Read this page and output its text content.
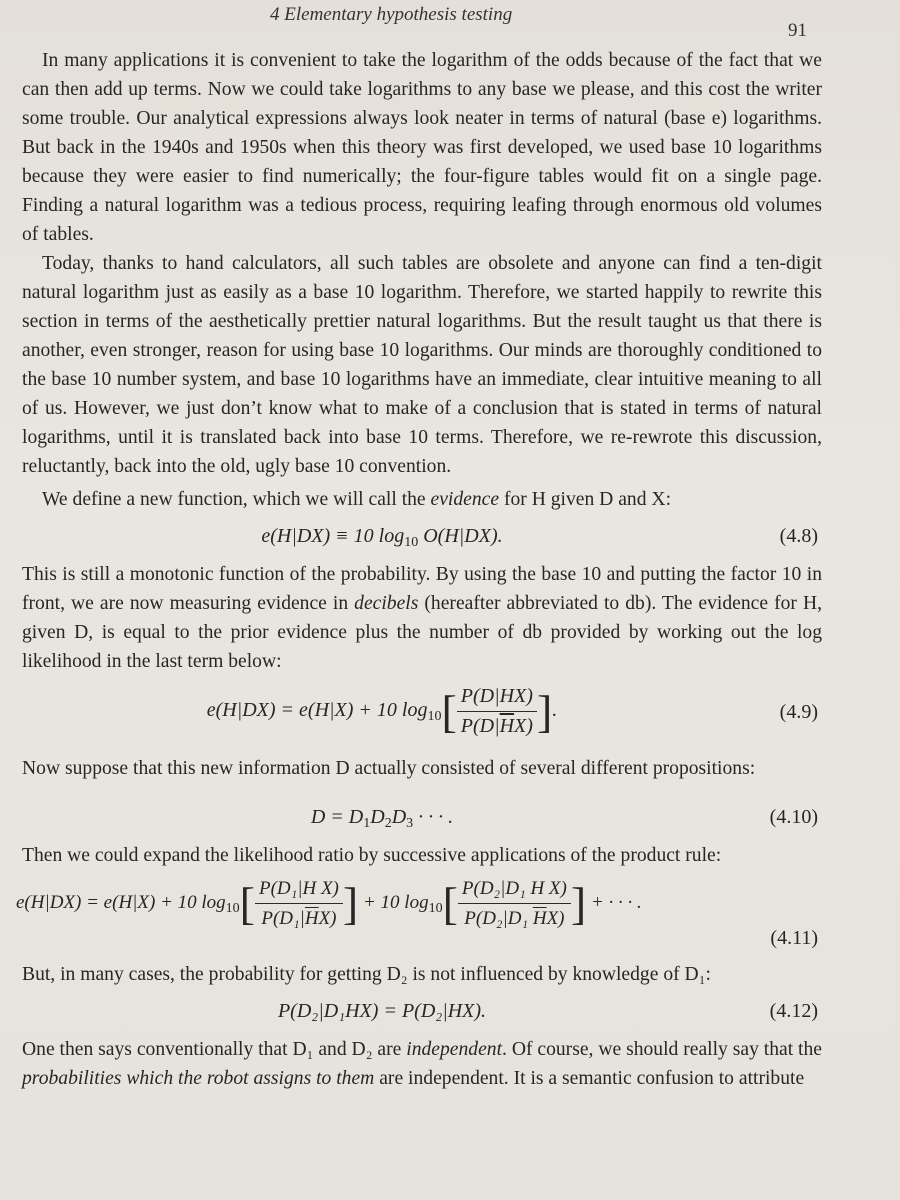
4 Elementary hypothesis testing
91

In many applications it is convenient to take the logarithm of the odds because of the fact that we can then add up terms. Now we could take logarithms to any base we please, and this cost the writer some trouble. Our analytical expressions always look neater in terms of natural (base e) logarithms. But back in the 1940s and 1950s when this theory was first developed, we used base 10 logarithms because they were easier to find numerically; the four-figure tables would fit on a single page. Finding a natural logarithm was a tedious process, requiring leafing through enormous old volumes of tables.

Today, thanks to hand calculators, all such tables are obsolete and anyone can find a ten-digit natural logarithm just as easily as a base 10 logarithm. Therefore, we started happily to rewrite this section in terms of the aesthetically prettier natural logarithms. But the result taught us that there is another, even stronger, reason for using base 10 logarithms. Our minds are thoroughly conditioned to the base 10 number system, and base 10 logarithms have an immediate, clear intuitive meaning to all of us. However, we just don’t know what to make of a conclusion that is stated in terms of natural logarithms, until it is translated back into base 10 terms. Therefore, we re-rewrote this discussion, reluctantly, back into the old, ugly base 10 convention.

We define a new function, which we will call the evidence for H given D and X:

e(H|DX) ≡ 10 $\log_{10} O(H|DX)$.	(4.8)

This is still a monotonic function of the probability. By using the base 10 and putting the factor 10 in front, we are now measuring evidence in decibels (hereafter abbreviated to db). The evidence for H, given D, is equal to the prior evidence plus the number of db provided by working out the log likelihood in the last term below:

e(H|DX) = e(H|X) + 10 $\log_{10}[ \frac{P(D|HX)}{P(D|\overline{H}X)}$ ].	(4.9)

Now suppose that this new information D actually consisted of several different propositions:

$D = D_1D_2D_3$ · · · .	(4.10)

Then we could expand the likelihood ratio by successive applications of the product rule:

e(H|DX) = e(H|X) + 10 $\log_{10}[ \frac{\text{P(D₁|H X)}}{P(D_1|\overline{H}X)}$ ] + 10 $\log_{10}[ \frac{\text{P(D₂|D₁ H X)}}{P(D_2|D_1 \overline{H}X)}$ ] + · · · .
(4.11)

But, in many cases, the probability for getting D₂ is not influenced by knowledge of D₁:

P(D₂|D₁HX) = P(D₂|HX).	(4.12)

One then says conventionally that D₁ and D₂ are independent. Of course, we should really say that the probabilities which the robot assigns to them are independent. It is a semantic confusion to attribute
